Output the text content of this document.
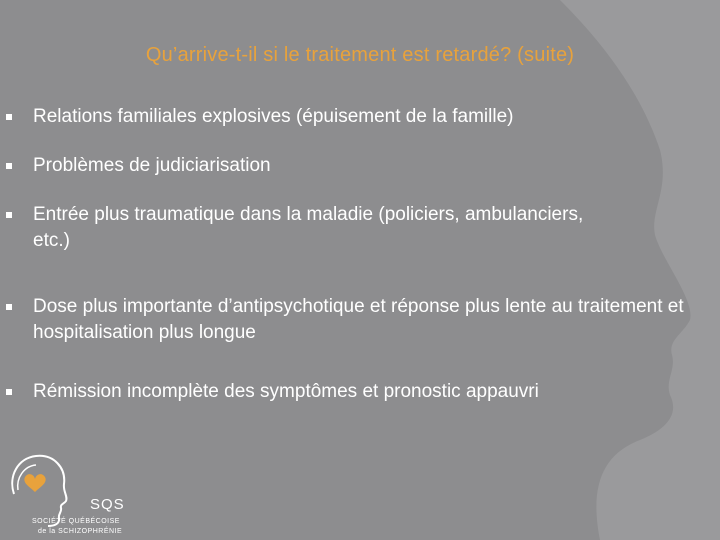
Qu’arrive-t-il si le traitement est retardé? (suite)
Relations familiales explosives (épuisement de la famille)
Problèmes de judiciarisation
Entrée plus traumatique dans la maladie (policiers, ambulanciers, etc.)
Dose plus importante d’antipsychotique et réponse plus lente au traitement et hospitalisation plus longue
Rémission incomplète des symptômes et pronostic appauvri
SQS
SOCIÉTÉ QUÉBÉCOISE
de la SCHIZOPHRÉNIE
